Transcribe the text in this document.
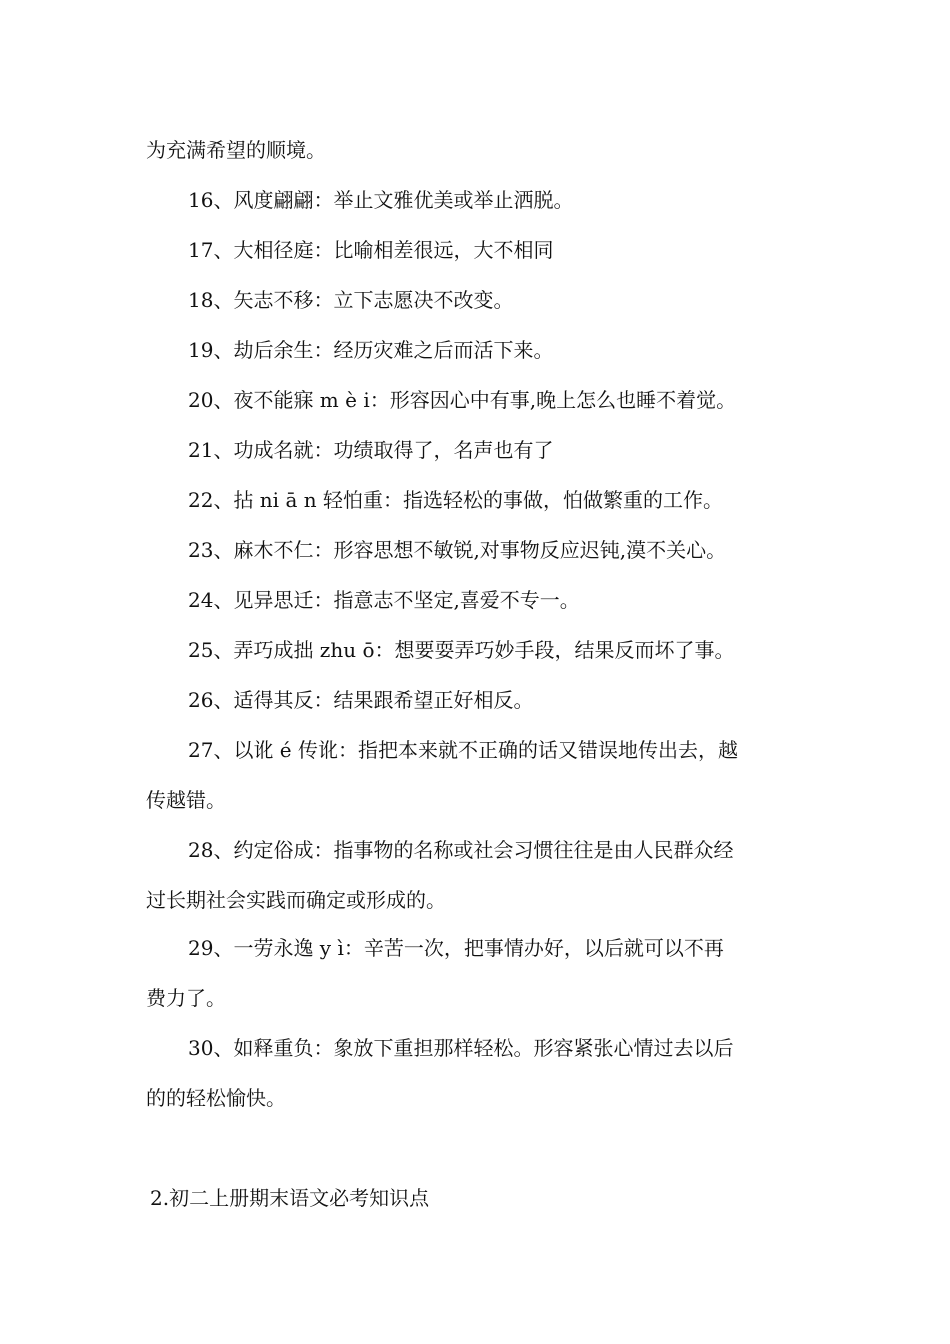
为充满希望的顺境。
16、风度翩翩：举止文雅优美或举止洒脱。
17、大相径庭：比喻相差很远，大不相同
18、矢志不移：立下志愿决不改变。
19、劫后余生：经历灾难之后而活下来。
20、夜不能寐 m è i：形容因心中有事,晚上怎么也睡不着觉。
21、功成名就：功绩取得了，名声也有了
22、拈 ni ā n 轻怕重：指选轻松的事做，怕做繁重的工作。
23、麻木不仁：形容思想不敏锐,对事物反应迟钝,漠不关心。
24、见异思迁：指意志不坚定,喜爱不专一。
25、弄巧成拙 zhu ō：想要耍弄巧妙手段，结果反而坏了事。
26、适得其反：结果跟希望正好相反。
27、以讹 é 传讹：指把本来就不正确的话又错误地传出去，越
传越错。
28、约定俗成：指事物的名称或社会习惯往往是由人民群众经
过长期社会实践而确定或形成的。
29、一劳永逸 y ì：辛苦一次，把事情办好，以后就可以不再
费力了。
30、如释重负：象放下重担那样轻松。形容紧张心情过去以后
的的轻松愉快。
2.初二上册期末语文必考知识点
